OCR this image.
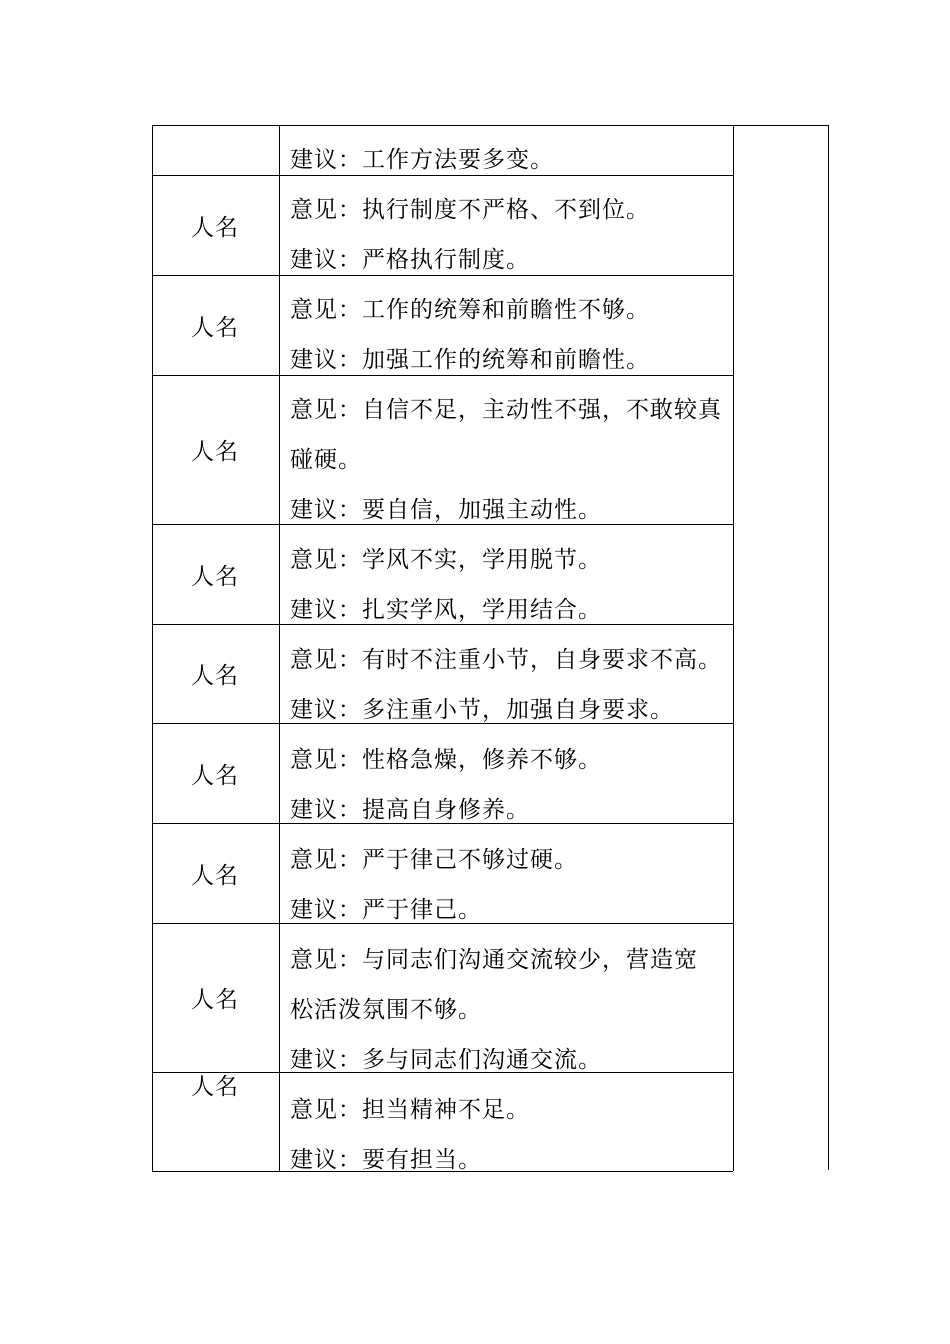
建议：工作方法要多变。
人名
意见：执行制度不严格、不到位。
建议：严格执行制度。
人名
意见：工作的统筹和前瞻性不够。
建议：加强工作的统筹和前瞻性。
人名
意见：自信不足，主动性不强，不敢较真
碰硬。
建议：要自信，加强主动性。
人名
意见：学风不实，学用脱节。
建议：扎实学风，学用结合。
人名
意见：有时不注重小节，自身要求不高。
建议：多注重小节，加强自身要求。
人名
意见：性格急燥，修养不够。
建议：提高自身修养。
人名
意见：严于律己不够过硬。
建议：严于律己。
人名
意见：与同志们沟通交流较少，营造宽
松活泼氛围不够。
建议：多与同志们沟通交流。
人名
意见：担当精神不足。
建议：要有担当。
